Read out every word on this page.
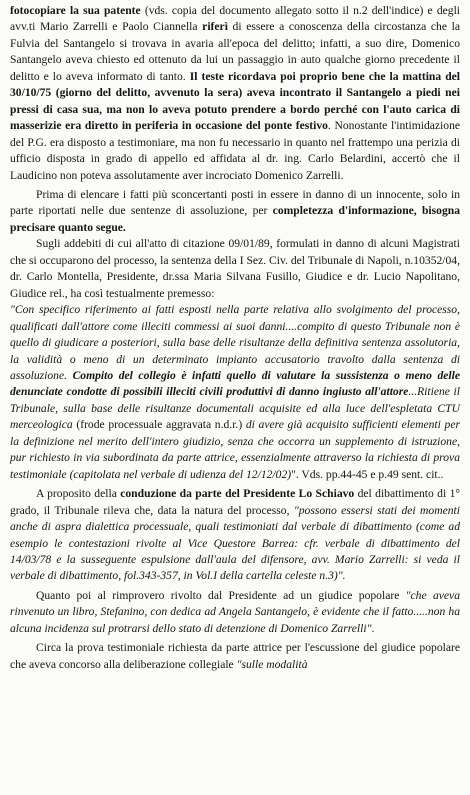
fotocopiare la sua patente (vds. copia del documento allegato sotto il n.2 dell'indice) e degli avv.ti Mario Zarrelli e Paolo Ciannella riferì di essere a conoscenza della circostanza che la Fulvia del Santangelo si trovava in avaria all'epoca del delitto; infatti, a suo dire, Domenico Santangelo aveva chiesto ed ottenuto da lui un passaggio in auto qualche giorno precedente il delitto e lo aveva informato di tanto. Il teste ricordava poi proprio bene che la mattina del 30/10/75 (giorno del delitto, avvenuto la sera) aveva incontrato il Santangelo a piedi nei pressi di casa sua, ma non lo aveva potuto prendere a bordo perché con l'auto carica di masserizie era diretto in periferia in occasione del ponte festivo. Nonostante l'intimidazione del P.G. era disposto a testimoniare, ma non fu necessario in quanto nel frattempo una perizia di ufficio disposta in grado di appello ed affidata al dr. ing. Carlo Belardini, accertò che il Laudicino non poteva assolutamente aver incrociato Domenico Zarrelli.

Prima di elencare i fatti più sconcertanti posti in essere in danno di un innocente, solo in parte riportati nelle due sentenze di assoluzione, per completezza d'informazione, bisogna precisare quanto segue.

Sugli addebiti di cui all'atto di citazione 09/01/89, formulati in danno di alcuni Magistrati che si occuparono del processo, la sentenza della I Sez. Civ. del Tribunale di Napoli, n.10352/04, dr. Carlo Montella, Presidente, dr.ssa Maria Silvana Fusillo, Giudice e dr. Lucio Napolitano, Giudice rel., ha così testualmente premesso:

"Con specifico riferimento ai fatti esposti nella parte relativa allo svolgimento del processo, qualificati dall'attore come illeciti commessi ai suoi danni....compito di questo Tribunale non è quello di giudicare a posteriori, sulla base delle risultanze della definitiva sentenza assolutoria, la validità o meno di un determinato impianto accusatorio travolto dalla sentenza di assoluzione. Compito del collegio è infatti quello di valutare la sussistenza o meno delle denunciate condotte di possibili illeciti civili produttivi di danno ingiusto all'attore...Ritiene il Tribunale, sulla base delle risultanze documentali acquisite ed alla luce dell'espletata CTU merceologica (frode processuale aggravata n.d.r.) di avere già acquisito sufficienti elementi per la definizione nel merito dell'intero giudizio, senza che occorra un supplemento di istruzione, pur richiesto in via subordinata da parte attrice, essenzialmente attraverso la richiesta di prova testimoniale (capitolata nel verbale di udienza del 12/12/02)". Vds. pp.44-45 e p.49 sent. cit..

A proposito della conduzione da parte del Presidente Lo Schiavo del dibattimento di 1° grado, il Tribunale rileva che, data la natura del processo, "possono essersi stati dei momenti anche di aspra dialettica processuale, quali testimoniati dal verbale di dibattimento (come ad esempio le contestazioni rivolte al Vice Questore Barrea: cfr. verbale di dibattimento del 14/03/78 e la susseguente espulsione dall'aula del difensore, avv. Mario Zarrelli: si veda il verbale di dibattimento, fol.343-357, in Vol.I della cartella celeste n.3)".

Quanto poi al rimprovero rivolto dal Presidente ad un giudice popolare "che aveva rinvenuto un libro, Stefanino, con dedica ad Angela Santangelo, è evidente che il fatto.....non ha alcuna incidenza sul protrarsi dello stato di detenzione di Domenico Zarrelli".

Circa la prova testimoniale richiesta da parte attrice per l'escussione del giudice popolare che aveva concorso alla deliberazione collegiale "sulle modalità
